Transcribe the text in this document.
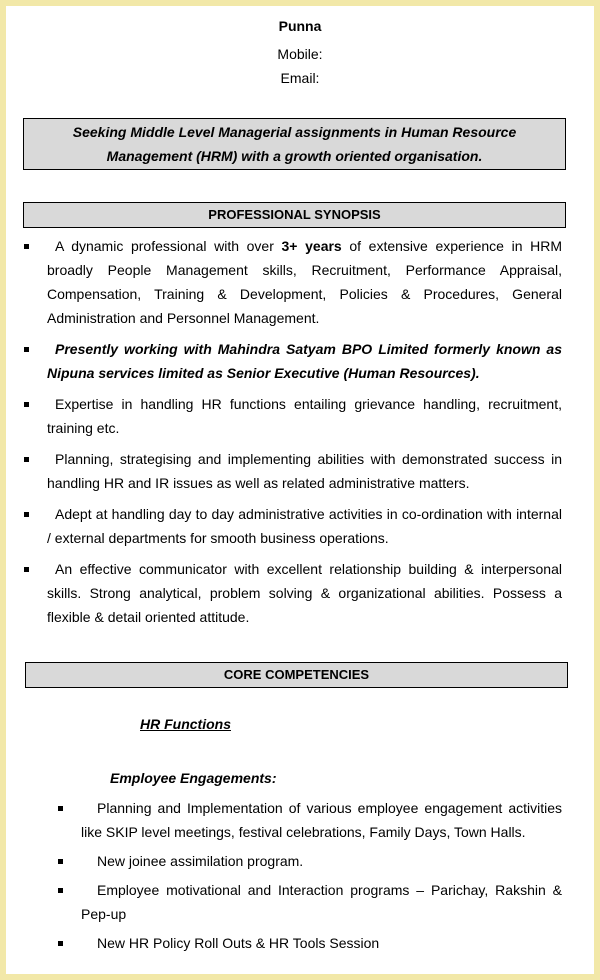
Punna
Mobile:
Email:
Seeking Middle Level Managerial assignments in Human Resource
Management (HRM) with a growth oriented organisation.
PROFESSIONAL SYNOPSIS
A dynamic professional with over 3+ years of extensive experience in HRM broadly People Management skills, Recruitment, Performance Appraisal, Compensation, Training & Development, Policies & Procedures, General Administration and Personnel Management.
Presently working with Mahindra Satyam BPO Limited formerly known as Nipuna services limited as Senior Executive (Human Resources).
Expertise in handling HR functions entailing grievance handling, recruitment, training etc.
Planning, strategising and implementing abilities with demonstrated success in handling HR and IR issues as well as related administrative matters.
Adept at handling day to day administrative activities in co-ordination with internal / external departments for smooth business operations.
An effective communicator with excellent relationship building & interpersonal skills. Strong analytical, problem solving & organizational abilities. Possess a flexible & detail oriented attitude.
CORE COMPETENCIES
HR Functions
Employee Engagements:
Planning and Implementation of various employee engagement activities like SKIP level meetings, festival celebrations, Family Days, Town Halls.
New joinee assimilation program.
Employee motivational and Interaction programs – Parichay, Rakshin & Pep-up
New HR Policy Roll Outs & HR Tools Session
